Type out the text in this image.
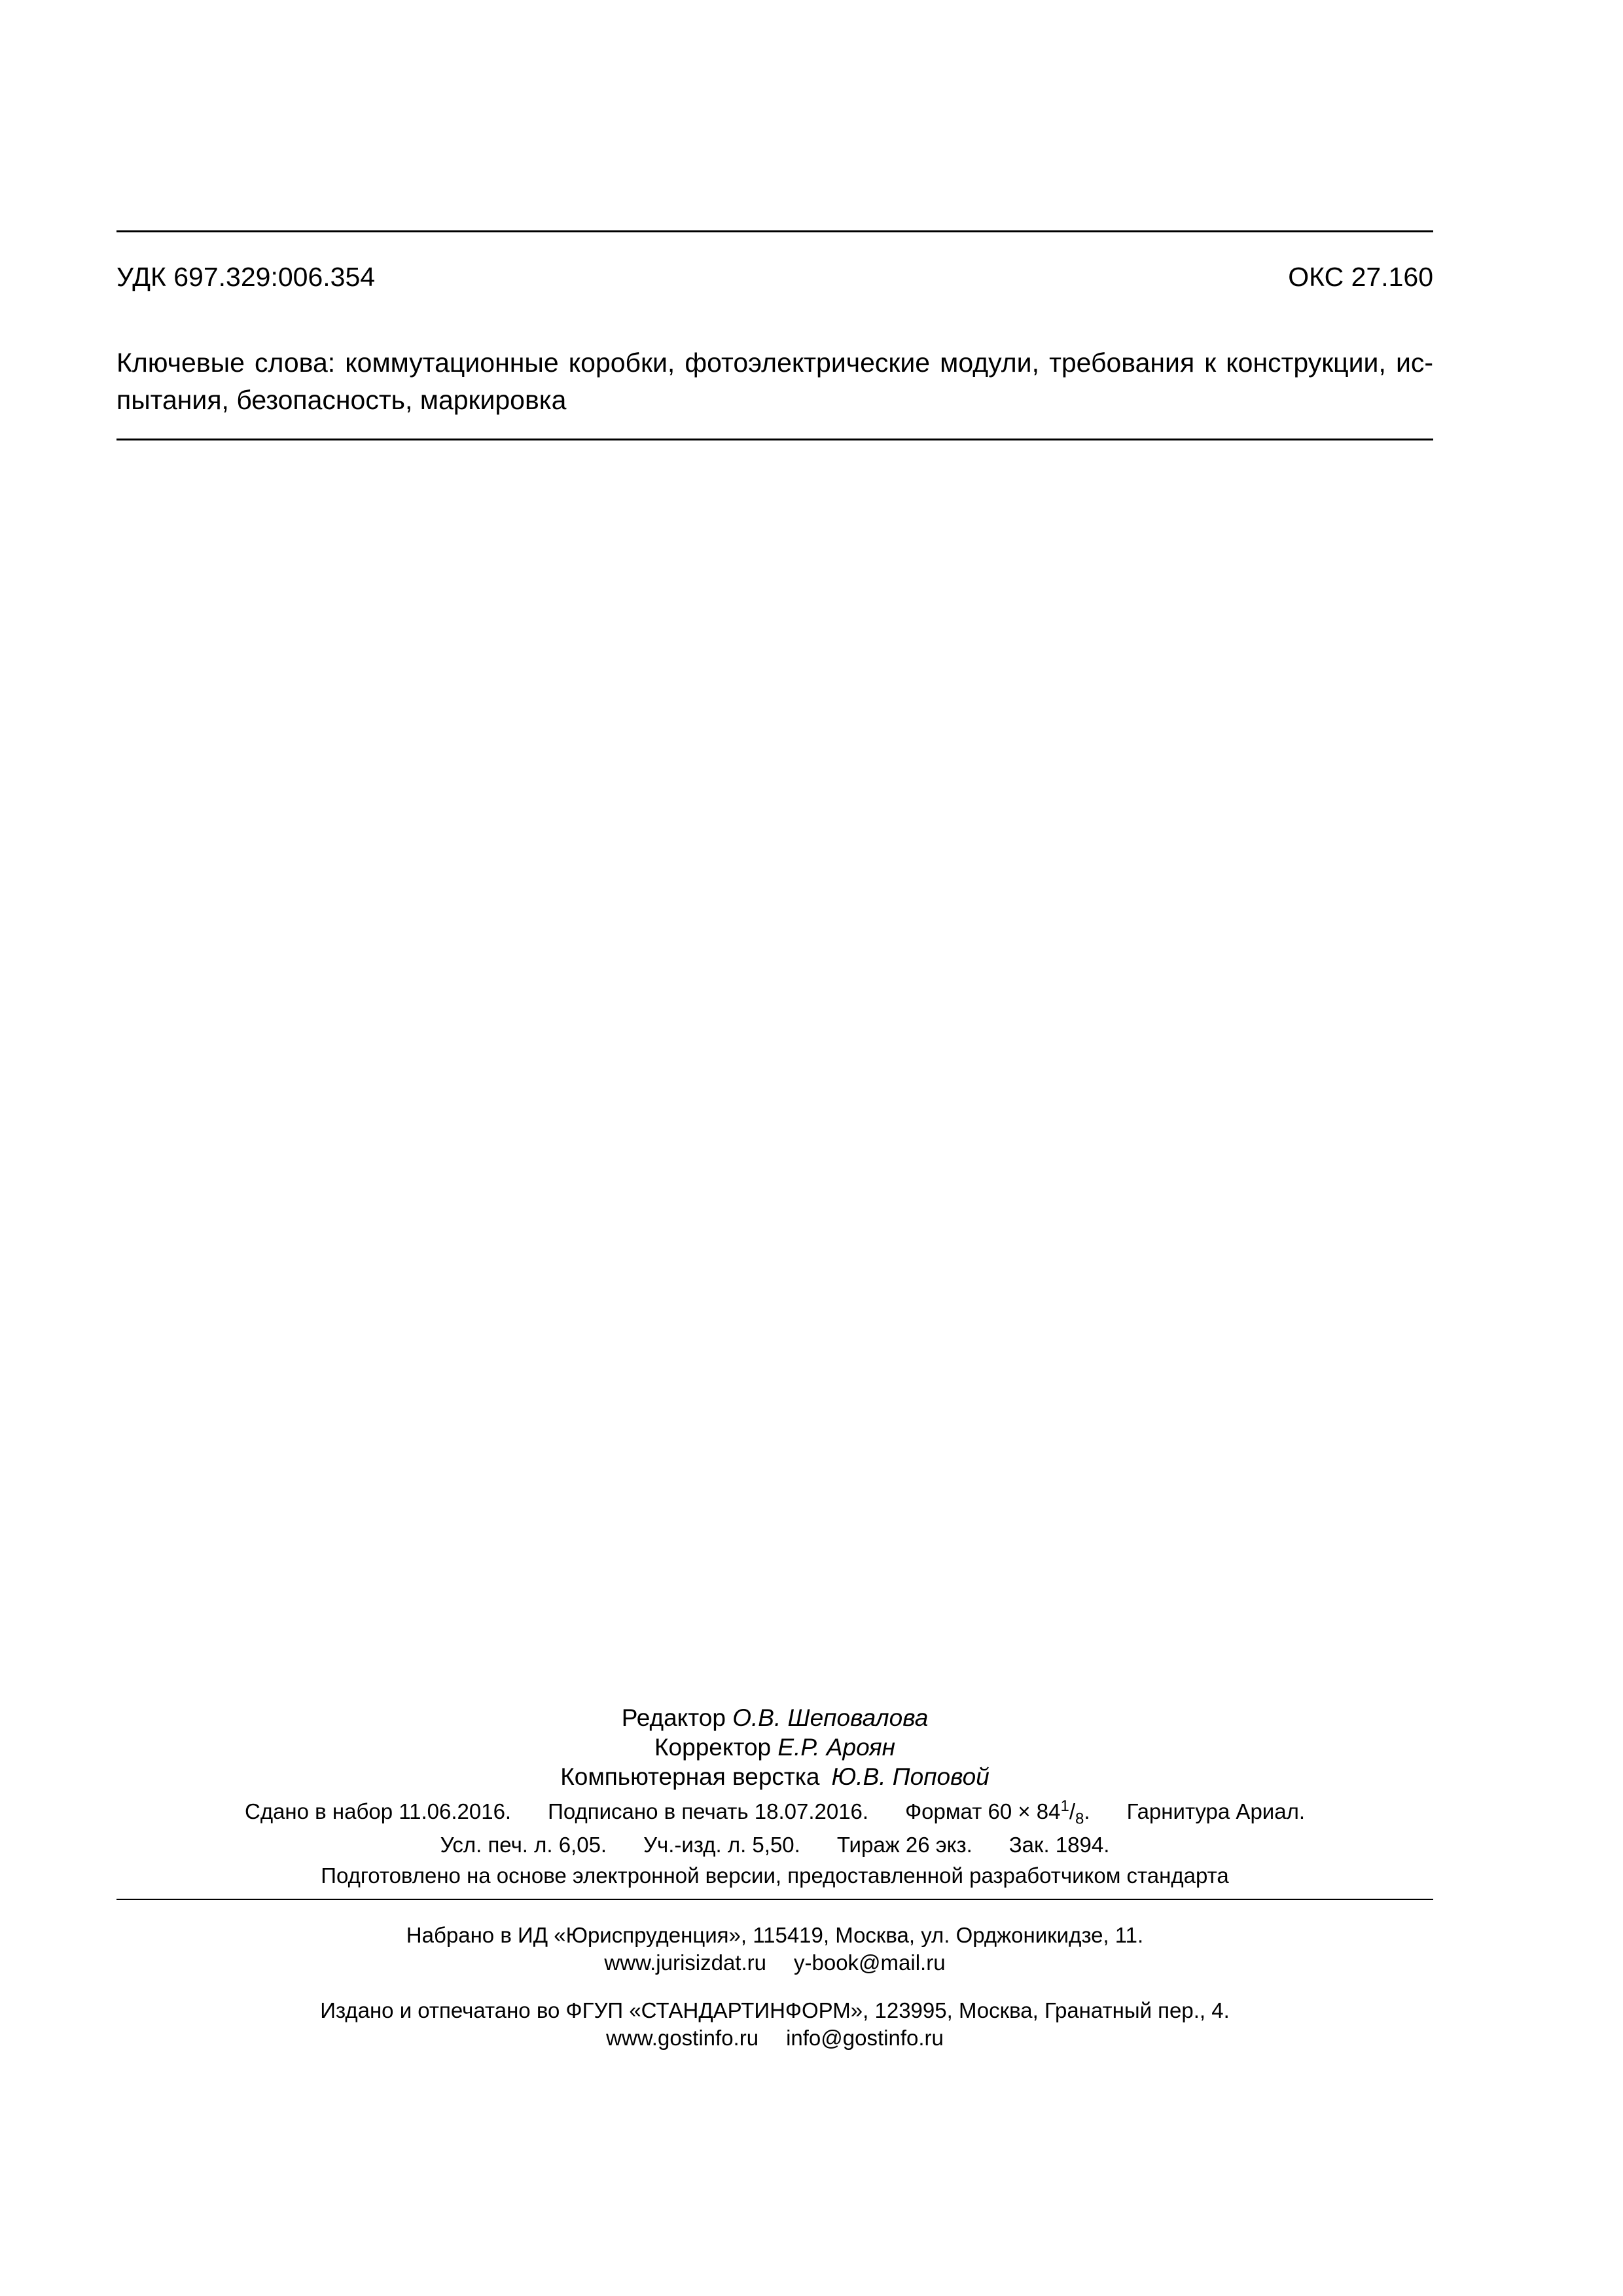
УДК 697.329:006.354	ОКС 27.160
Ключевые слова: коммутационные коробки, фотоэлектрические модули, требования к конструкции, ис-
пытания, безопасность, маркировка
Редактор О.В. Шеповалова
Корректор Е.Р. Ароян
Компьютерная верстка Ю.В. Поповой
Сдано в набор 11.06.2016. Подписано в печать 18.07.2016. Формат $60 \times 84^1/_8$. Гарнитура Ариал.
Усл. печ. л. 6,05. Уч.-изд. л. 5,50. Тираж 26 экз. Зак. 1894.
Подготовлено на основе электронной версии, предоставленной разработчиком стандарта
Набрано в ИД «Юриспруденция», 115419, Москва, ул. Орджоникидзе, 11.
www.jurisizdat.ru y-book@mail.ru
Издано и отпечатано во ФГУП «СТАНДАРТИНФОРМ», 123995, Москва, Гранатный пер., 4.
www.gostinfo.ru info@gostinfo.ru
